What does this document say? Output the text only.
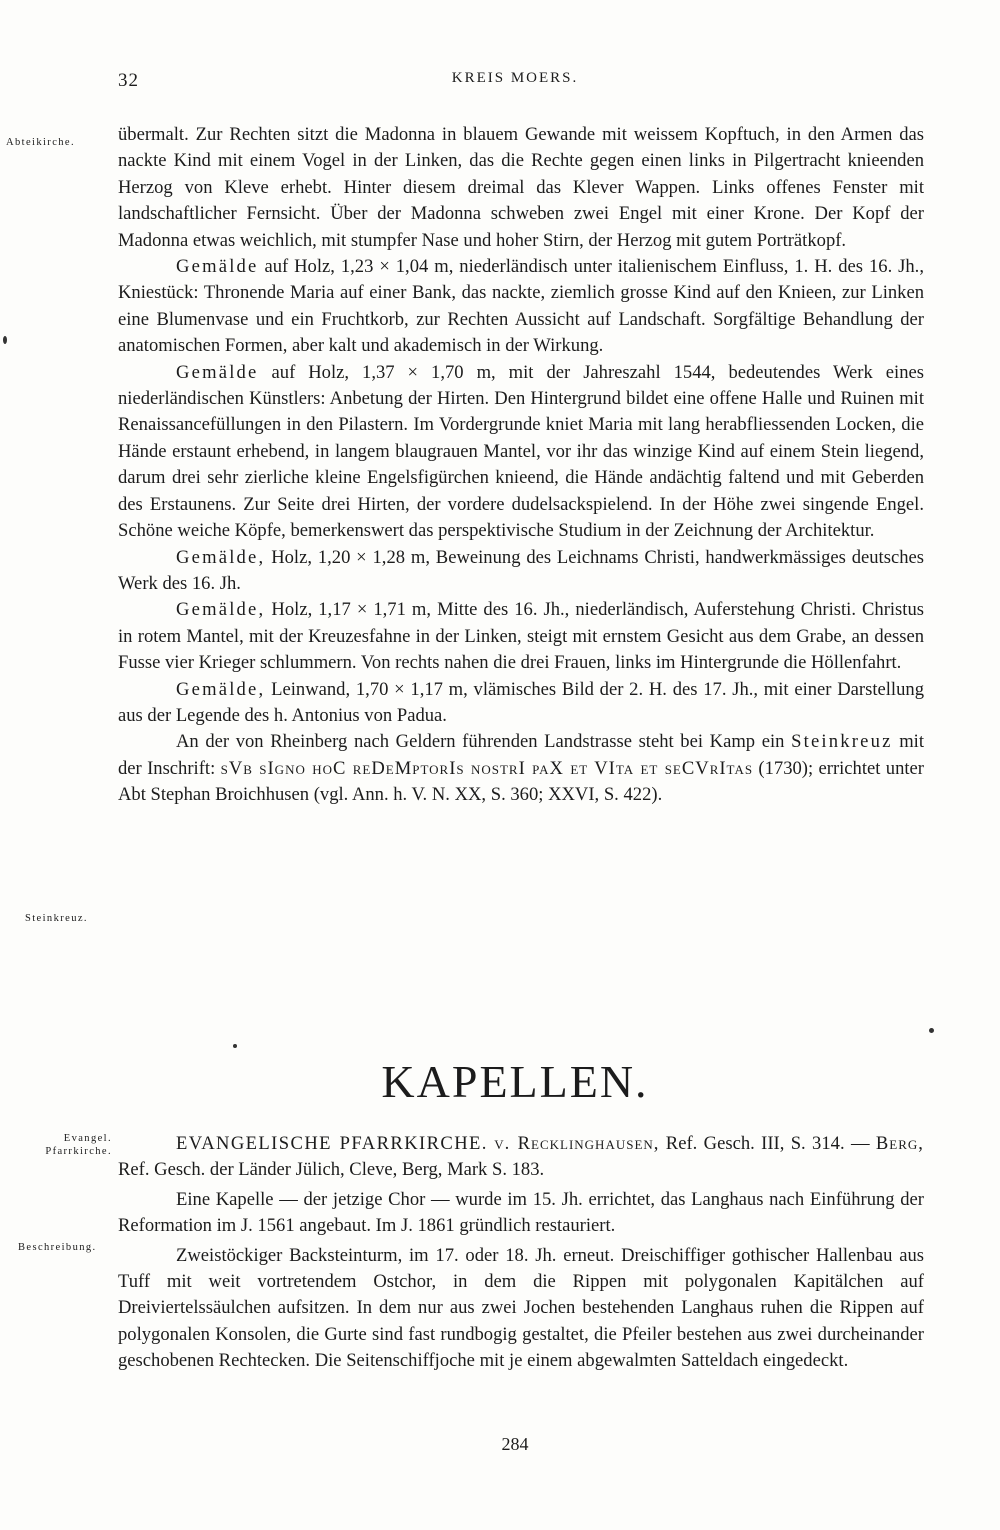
32	KREIS MOERS.
Abteikirche.
Steinkreuz.
Evangel.
Pfarrkirche.
Beschreibung.

übermalt. Zur Rechten sitzt die Madonna in blauem Gewande mit weissem Kopftuch, in den Armen das nackte Kind mit einem Vogel in der Linken, das die Rechte gegen einen links in Pilgertracht knieenden Herzog von Kleve erhebt. Hinter diesem dreimal das Klever Wappen. Links offenes Fenster mit landschaftlicher Fernsicht. Über der Madonna schweben zwei Engel mit einer Krone. Der Kopf der Madonna etwas weichlich, mit stumpfer Nase und hoher Stirn, der Herzog mit gutem Porträtkopf.

Gemälde auf Holz, 1,23 × 1,04 m, niederländisch unter italienischem Einfluss, 1. H. des 16. Jh., Kniestück: Thronende Maria auf einer Bank, das nackte, ziemlich grosse Kind auf den Knieen, zur Linken eine Blumenvase und ein Fruchtkorb, zur Rechten Aussicht auf Landschaft. Sorgfältige Behandlung der anatomischen Formen, aber kalt und akademisch in der Wirkung.

Gemälde auf Holz, 1,37 × 1,70 m, mit der Jahreszahl 1544, bedeutendes Werk eines niederländischen Künstlers: Anbetung der Hirten. Den Hintergrund bildet eine offene Halle und Ruinen mit Renaissancefüllungen in den Pilastern. Im Vordergrunde kniet Maria mit lang herabfliessenden Locken, die Hände erstaunt erhebend, in langem blaugrauen Mantel, vor ihr das winzige Kind auf einem Stein liegend, darum drei sehr zierliche kleine Engelsfigürchen knieend, die Hände andächtig faltend und mit Geberden des Erstaunens. Zur Seite drei Hirten, der vordere dudelsackspielend. In der Höhe zwei singende Engel. Schöne weiche Köpfe, bemerkenswert das perspektivische Studium in der Zeichnung der Architektur.

Gemälde, Holz, 1,20 × 1,28 m, Beweinung des Leichnams Christi, handwerkmässiges deutsches Werk des 16. Jh.

Gemälde, Holz, 1,17 × 1,71 m, Mitte des 16. Jh., niederländisch, Auferstehung Christi. Christus in rotem Mantel, mit der Kreuzesfahne in der Linken, steigt mit ernstem Gesicht aus dem Grabe, an dessen Fusse vier Krieger schlummern. Von rechts nahen die drei Frauen, links im Hintergrunde die Höllenfahrt.

Gemälde, Leinwand, 1,70 × 1,17 m, vlämisches Bild der 2. H. des 17. Jh., mit einer Darstellung aus der Legende des h. Antonius von Padua.

An der von Rheinberg nach Geldern führenden Landstrasse steht bei Kamp ein Steinkreuz mit der Inschrift: sVb sIgno hoC reDeMptorIs nostrI paX et VIta et seCVrItas (1730); errichtet unter Abt Stephan Broichhusen (vgl. Ann. h. V. N. XX, S. 360; XXVI, S. 422).

KAPELLEN.

EVANGELISCHE PFARRKIRCHE. v. Recklinghausen, Ref. Gesch. III, S. 314. — Berg, Ref. Gesch. der Länder Jülich, Cleve, Berg, Mark S. 183.

Eine Kapelle — der jetzige Chor — wurde im 15. Jh. errichtet, das Langhaus nach Einführung der Reformation im J. 1561 angebaut. Im J. 1861 gründlich restauriert.

Zweistöckiger Backsteinturm, im 17. oder 18. Jh. erneut. Dreischiffiger gothischer Hallenbau aus Tuff mit weit vortretendem Ostchor, in dem die Rippen mit polygonalen Kapitälchen auf Dreiviertelssäulchen aufsitzen. In dem nur aus zwei Jochen bestehenden Langhaus ruhen die Rippen auf polygonalen Konsolen, die Gurte sind fast rundbogig gestaltet, die Pfeiler bestehen aus zwei durcheinander geschobenen Rechtecken. Die Seitenschiffjoche mit je einem abgewalmten Satteldach eingedeckt.

284
